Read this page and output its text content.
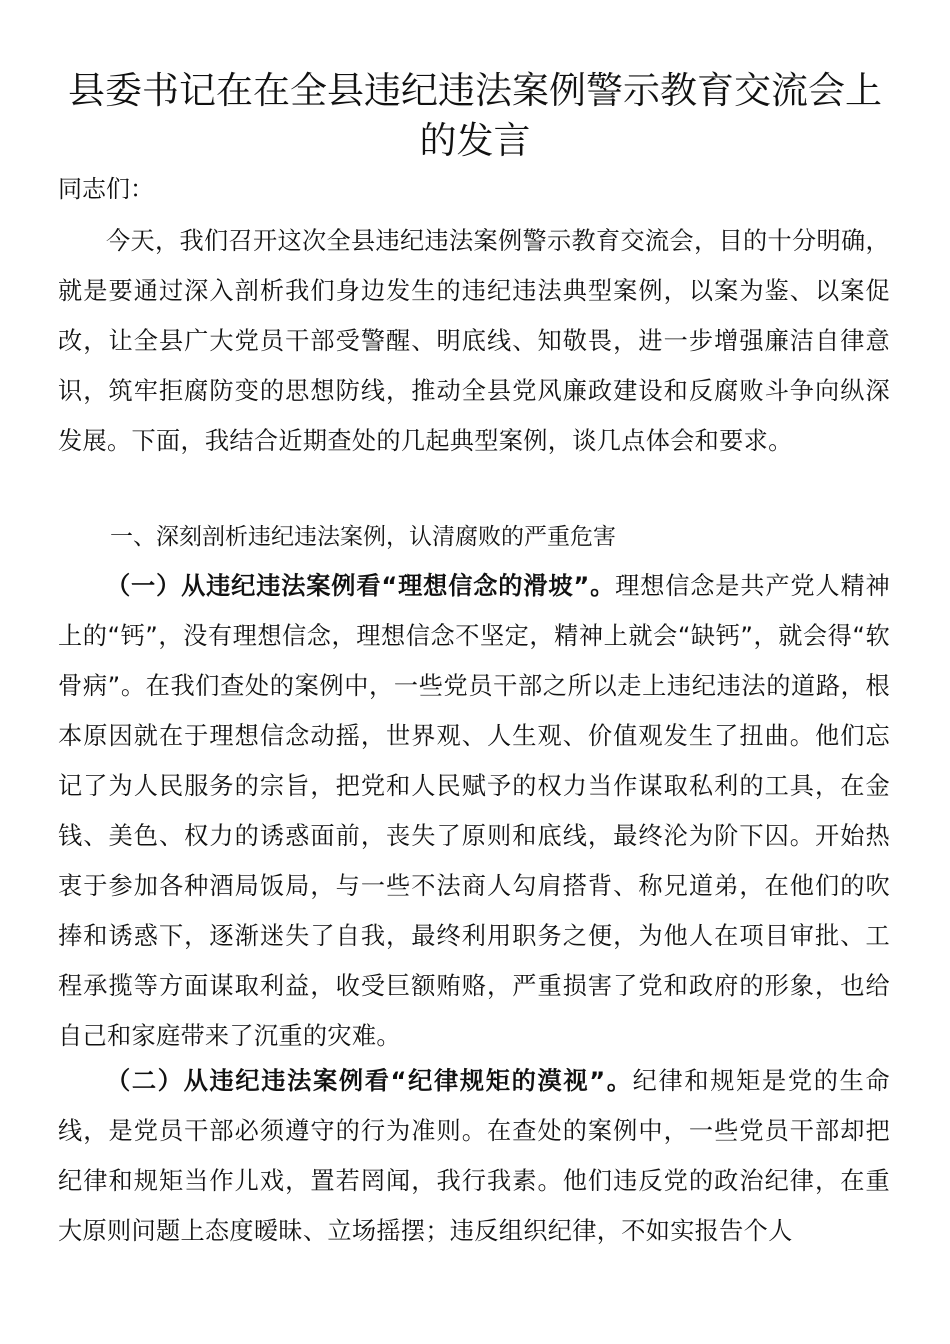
县委书记在在全县违纪违法案例警示教育交流会上的发言

同志们：

今天，我们召开这次全县违纪违法案例警示教育交流会，目的十分明确，就是要通过深入剖析我们身边发生的违纪违法典型案例，以案为鉴、以案促改，让全县广大党员干部受警醒、明底线、知敬畏，进一步增强廉洁自律意识，筑牢拒腐防变的思想防线，推动全县党风廉政建设和反腐败斗争向纵深发展。下面，我结合近期查处的几起典型案例，谈几点体会和要求。

一、深刻剖析违纪违法案例，认清腐败的严重危害

（一）从违纪违法案例看“理想信念的滑坡”。理想信念是共产党人精神上的“钙”，没有理想信念，理想信念不坚定，精神上就会“缺钙”，就会得“软骨病”。在我们查处的案例中，一些党员干部之所以走上违纪违法的道路，根本原因就在于理想信念动摇，世界观、人生观、价值观发生了扭曲。他们忘记了为人民服务的宗旨，把党和人民赋予的权力当作谋取私利的工具，在金钱、美色、权力的诱惑面前，丧失了原则和底线，最终沦为阶下囚。开始热衷于参加各种酒局饭局，与一些不法商人勾肩搭背、称兄道弟，在他们的吹捧和诱惑下，逐渐迷失了自我，最终利用职务之便，为他人在项目审批、工程承揽等方面谋取利益，收受巨额贿赂，严重损害了党和政府的形象，也给自己和家庭带来了沉重的灾难。

（二）从违纪违法案例看“纪律规矩的漠视”。纪律和规矩是党的生命线，是党员干部必须遵守的行为准则。在查处的案例中，一些党员干部却把纪律和规矩当作儿戏，置若罔闻，我行我素。他们违反党的政治纪律，在重大原则问题上态度暧昧、立场摇摆；违反组织纪律，不如实报告个人
